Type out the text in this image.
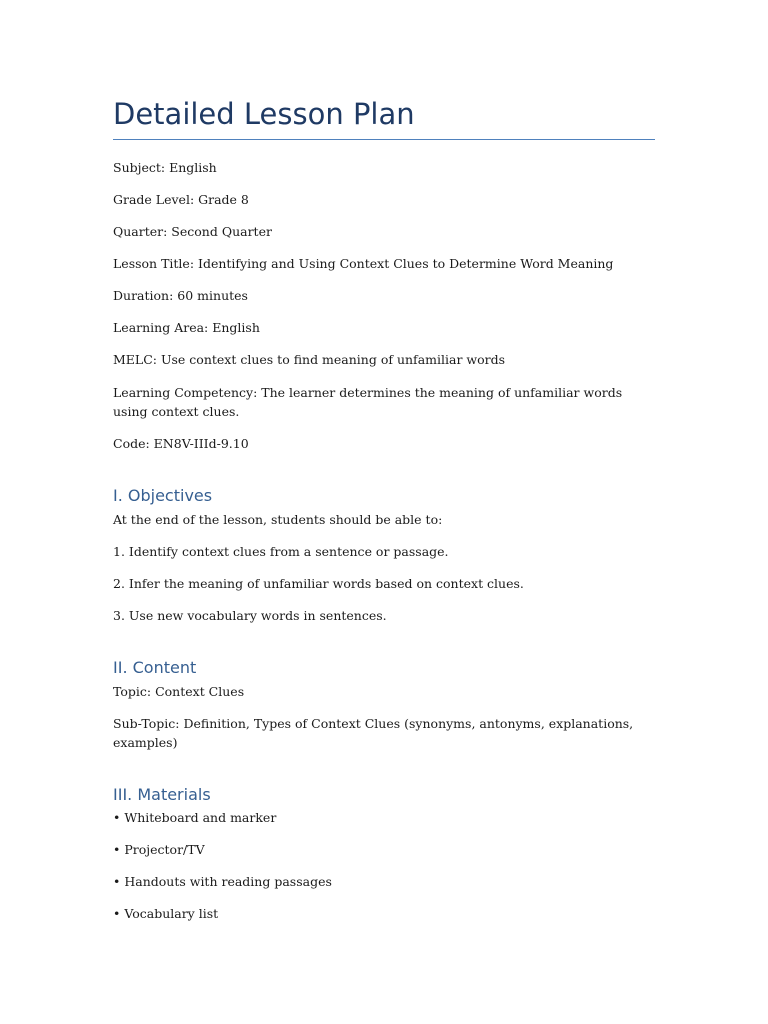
Detailed Lesson Plan

Subject: English

Grade Level: Grade 8

Quarter: Second Quarter

Lesson Title: Identifying and Using Context Clues to Determine Word Meaning

Duration: 60 minutes

Learning Area: English

MELC: Use context clues to find meaning of unfamiliar words

Learning Competency: The learner determines the meaning of unfamiliar words using context clues.

Code: EN8V-IIId-9.10

I. Objectives

At the end of the lesson, students should be able to:

1. Identify context clues from a sentence or passage.

2. Infer the meaning of unfamiliar words based on context clues.

3. Use new vocabulary words in sentences.

II. Content

Topic: Context Clues

Sub-Topic: Definition, Types of Context Clues (synonyms, antonyms, explanations, examples)

III. Materials

• Whiteboard and marker

• Projector/TV

• Handouts with reading passages

• Vocabulary list
